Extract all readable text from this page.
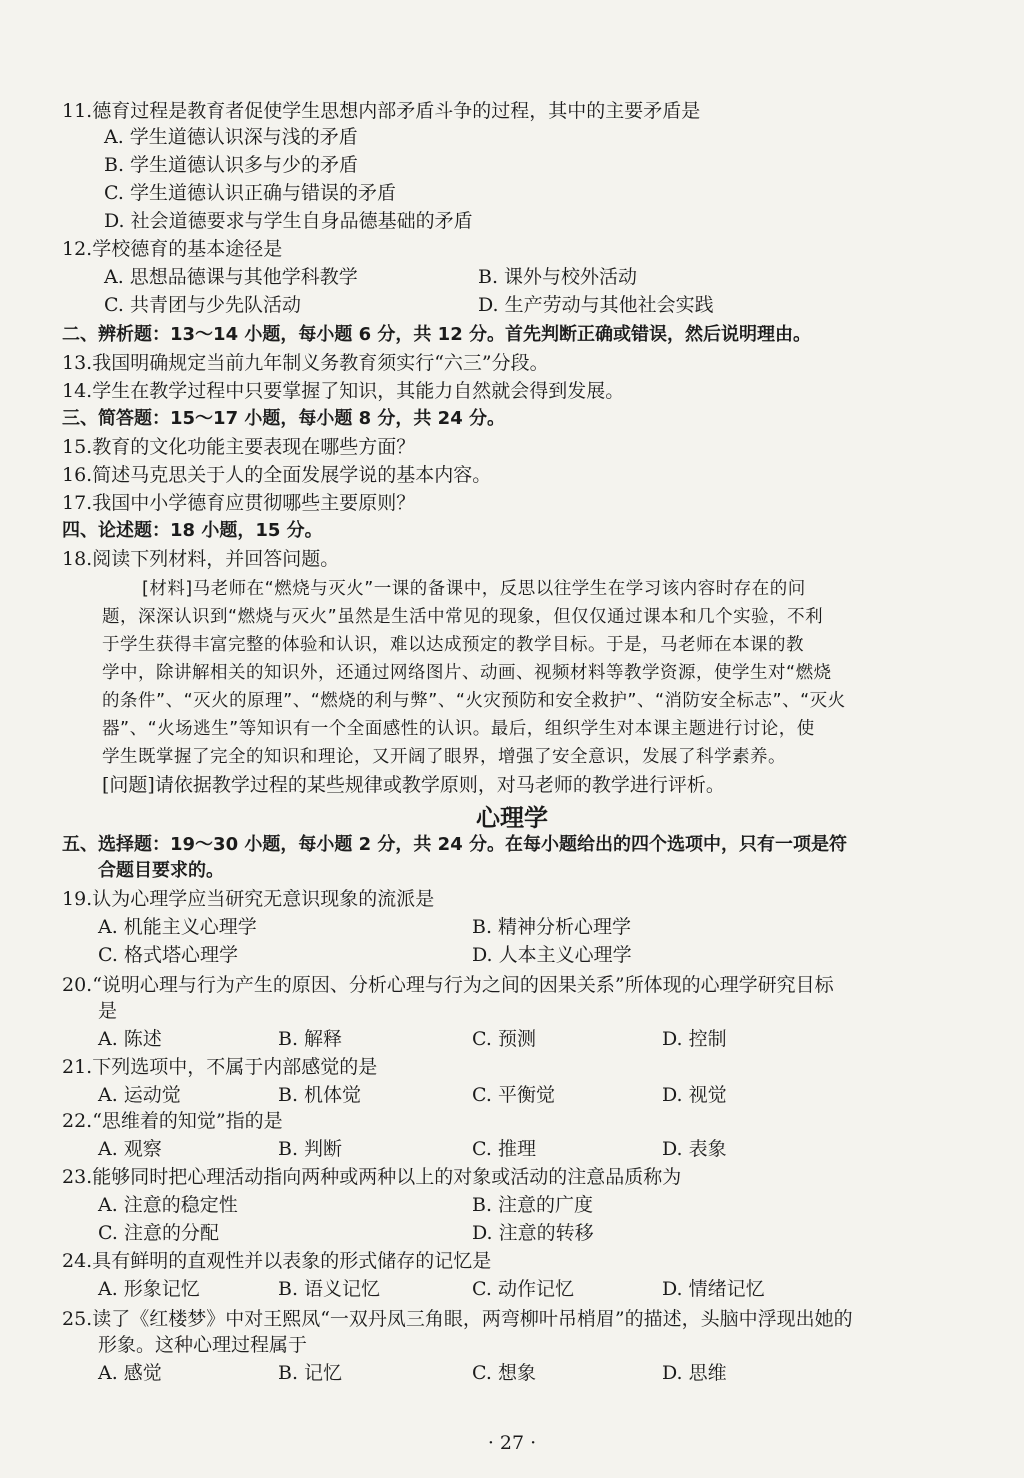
11.德育过程是教育者促使学生思想内部矛盾斗争的过程，其中的主要矛盾是
A. 学生道德认识深与浅的矛盾
B. 学生道德认识多与少的矛盾
C. 学生道德认识正确与错误的矛盾
D. 社会道德要求与学生自身品德基础的矛盾
12.学校德育的基本途径是
A. 思想品德课与其他学科教学	B. 课外与校外活动
C. 共青团与少先队活动	D. 生产劳动与其他社会实践
二、辨析题：13～14 小题，每小题 6 分，共 12 分。首先判断正确或错误，然后说明理由。
13.我国明确规定当前九年制义务教育须实行“六三”分段。
14.学生在教学过程中只要掌握了知识，其能力自然就会得到发展。
三、简答题：15～17 小题，每小题 8 分，共 24 分。
15.教育的文化功能主要表现在哪些方面？
16.简述马克思关于人的全面发展学说的基本内容。
17.我国中小学德育应贯彻哪些主要原则？
四、论述题：18 小题，15 分。
18.阅读下列材料，并回答问题。
[材料]马老师在“燃烧与灭火”一课的备课中，反思以往学生在学习该内容时存在的问
题，深深认识到“燃烧与灭火”虽然是生活中常见的现象，但仅仅通过课本和几个实验，不利
于学生获得丰富完整的体验和认识，难以达成预定的教学目标。于是，马老师在本课的教
学中，除讲解相关的知识外，还通过网络图片、动画、视频材料等教学资源，使学生对“燃烧
的条件”、“灭火的原理”、“燃烧的利与弊”、“火灾预防和安全救护”、“消防安全标志”、“灭火
器”、“火场逃生”等知识有一个全面感性的认识。最后，组织学生对本课主题进行讨论，使
学生既掌握了完全的知识和理论，又开阔了眼界，增强了安全意识，发展了科学素养。
[问题]请依据教学过程的某些规律或教学原则，对马老师的教学进行评析。
五、选择题：19～30 小题，每小题 2 分，共 24 分。在每小题给出的四个选项中，只有一项是符
合题目要求的。
19.认为心理学应当研究无意识现象的流派是
A. 机能主义心理学	B. 精神分析心理学
C. 格式塔心理学	D. 人本主义心理学
20.“说明心理与行为产生的原因、分析心理与行为之间的因果关系”所体现的心理学研究目标
是
A. 陈述	B. 解释	C. 预测	D. 控制
21.下列选项中，不属于内部感觉的是
A. 运动觉	B. 机体觉	C. 平衡觉	D. 视觉
22.“思维着的知觉”指的是
A. 观察	B. 判断	C. 推理	D. 表象
23.能够同时把心理活动指向两种或两种以上的对象或活动的注意品质称为
A. 注意的稳定性	B. 注意的广度
C. 注意的分配	D. 注意的转移
24.具有鲜明的直观性并以表象的形式储存的记忆是
A. 形象记忆	B. 语义记忆	C. 动作记忆	D. 情绪记忆
25.读了《红楼梦》中对王熙凤“一双丹凤三角眼，两弯柳叶吊梢眉”的描述，头脑中浮现出她的
形象。这种心理过程属于
A. 感觉	B. 记忆	C. 想象	D. 思维
心理学
· 27 ·
